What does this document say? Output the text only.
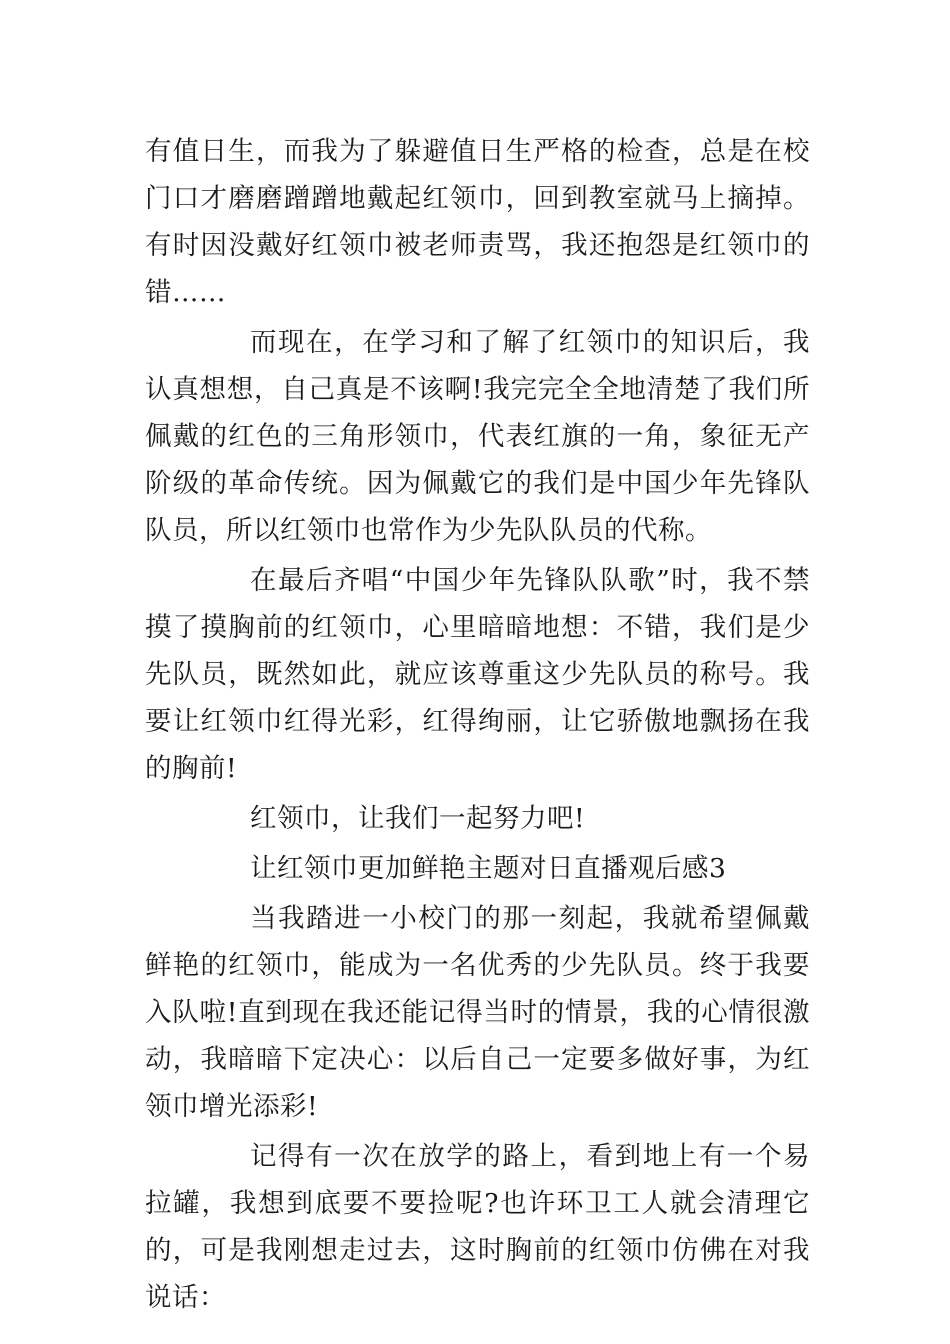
有值日生，而我为了躲避值日生严格的检查，总是在校门口才磨磨蹭蹭地戴起红领巾，回到教室就马上摘掉。有时因没戴好红领巾被老师责骂，我还抱怨是红领巾的错……

而现在，在学习和了解了红领巾的知识后，我认真想想，自己真是不该啊!我完完全全地清楚了我们所佩戴的红色的三角形领巾，代表红旗的一角，象征无产阶级的革命传统。因为佩戴它的我们是中国少年先锋队队员，所以红领巾也常作为少先队队员的代称。

在最后齐唱“中国少年先锋队队歌”时，我不禁摸了摸胸前的红领巾，心里暗暗地想：不错，我们是少先队员，既然如此，就应该尊重这少先队员的称号。我要让红领巾红得光彩，红得绚丽，让它骄傲地飘扬在我的胸前!

红领巾，让我们一起努力吧!

让红领巾更加鲜艳主题对日直播观后感3

当我踏进一小校门的那一刻起，我就希望佩戴鲜艳的红领巾，能成为一名优秀的少先队员。终于我要入队啦!直到现在我还能记得当时的情景，我的心情很激动，我暗暗下定决心：以后自己一定要多做好事，为红领巾增光添彩!

记得有一次在放学的路上，看到地上有一个易拉罐，我想到底要不要捡呢?也许环卫工人就会清理它的，可是我刚想走过去，这时胸前的红领巾仿佛在对我说话：
